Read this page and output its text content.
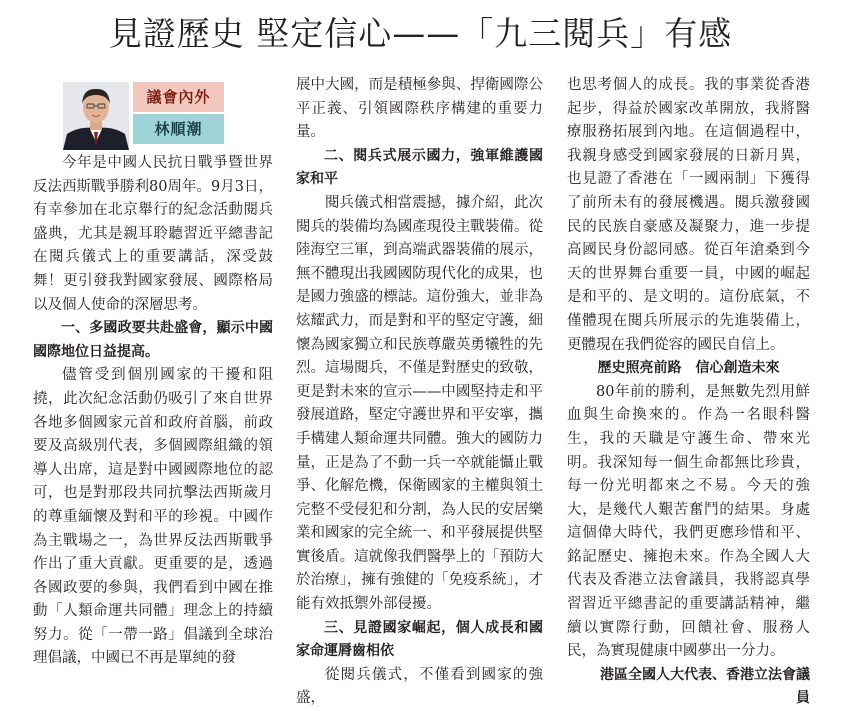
見證歷史 堅定信心——「九三閱兵」有感
議會內外
林順潮

今年是中國人民抗日戰爭暨世界反法西斯戰爭勝利80周年。9月3日，有幸參加在北京舉行的紀念活動閱兵盛典，尤其是親耳聆聽習近平總書記在閱兵儀式上的重要講話，深受鼓舞！更引發我對國家發展、國際格局以及個人使命的深層思考。

一、多國政要共赴盛會，顯示中國國際地位日益提高。

儘管受到個別國家的干擾和阻撓，此次紀念活動仍吸引了來自世界各地多個國家元首和政府首腦，前政要及高級別代表，多個國際組織的領導人出席，這是對中國國際地位的認可，也是對那段共同抗擊法西斯歲月的尊重緬懷及對和平的珍視。中國作為主戰場之一，為世界反法西斯戰爭作出了重大貢獻。更重要的是，透過各國政要的參與，我們看到中國在推動「人類命運共同體」理念上的持續努力。從「一帶一路」倡議到全球治理倡議，中國已不再是單純的發

展中大國，而是積極參與、捍衛國際公平正義、引領國際秩序構建的重要力量。

二、閱兵式展示國力，強軍維護國家和平

閱兵儀式相當震撼，據介紹，此次閱兵的裝備均為國產現役主戰裝備。從陸海空三軍，到高端武器裝備的展示，無不體現出我國國防現代化的成果，也是國力強盛的標誌。這份強大，並非為炫耀武力，而是對和平的堅定守護，細懷為國家獨立和民族尊嚴英勇犧牲的先烈。這場閱兵，不僅是對歷史的致敬，更是對未來的宣示——中國堅持走和平發展道路，堅定守護世界和平安寧，攜手構建人類命運共同體。強大的國防力量，正是為了不動一兵一卒就能懾止戰爭、化解危機，保衛國家的主權與領土完整不受侵犯和分割，為人民的安居樂業和國家的完全統一、和平發展提供堅實後盾。這就像我們醫學上的「預防大於治療」，擁有強健的「免疫系統」，才能有效抵禦外部侵擾。

三、見證國家崛起，個人成長和國家命運脣齒相依

從閱兵儀式，不僅看到國家的強盛，

也思考個人的成長。我的事業從香港起步，得益於國家改革開放，我將醫療服務拓展到內地。在這個過程中，我親身感受到國家發展的日新月異，也見證了香港在「一國兩制」下獲得了前所未有的發展機遇。閱兵激發國民的民族自豪感及凝聚力，進一步提高國民身份認同感。從百年滄桑到今天的世界舞台重要一員，中國的崛起是和平的、是文明的。這份底氣，不僅體現在閱兵所展示的先進裝備上，更體現在我們從容的國民自信上。

歷史照亮前路　信心創造未來

80年前的勝利，是無數先烈用鮮血與生命換來的。作為一名眼科醫生，我的天職是守護生命、帶來光明。我深知每一個生命都無比珍貴，每一份光明都來之不易。今天的強大，是幾代人艱苦奮鬥的結果。身處這個偉大時代，我們更應珍惜和平、銘記歷史、擁抱未來。作為全國人大代表及香港立法會議員，我將認真學習習近平總書記的重要講話精神，繼續以實際行動，回饋社會、服務人民，為實現健康中國夢出一分力。

港區全國人大代表、香港立法會議員
